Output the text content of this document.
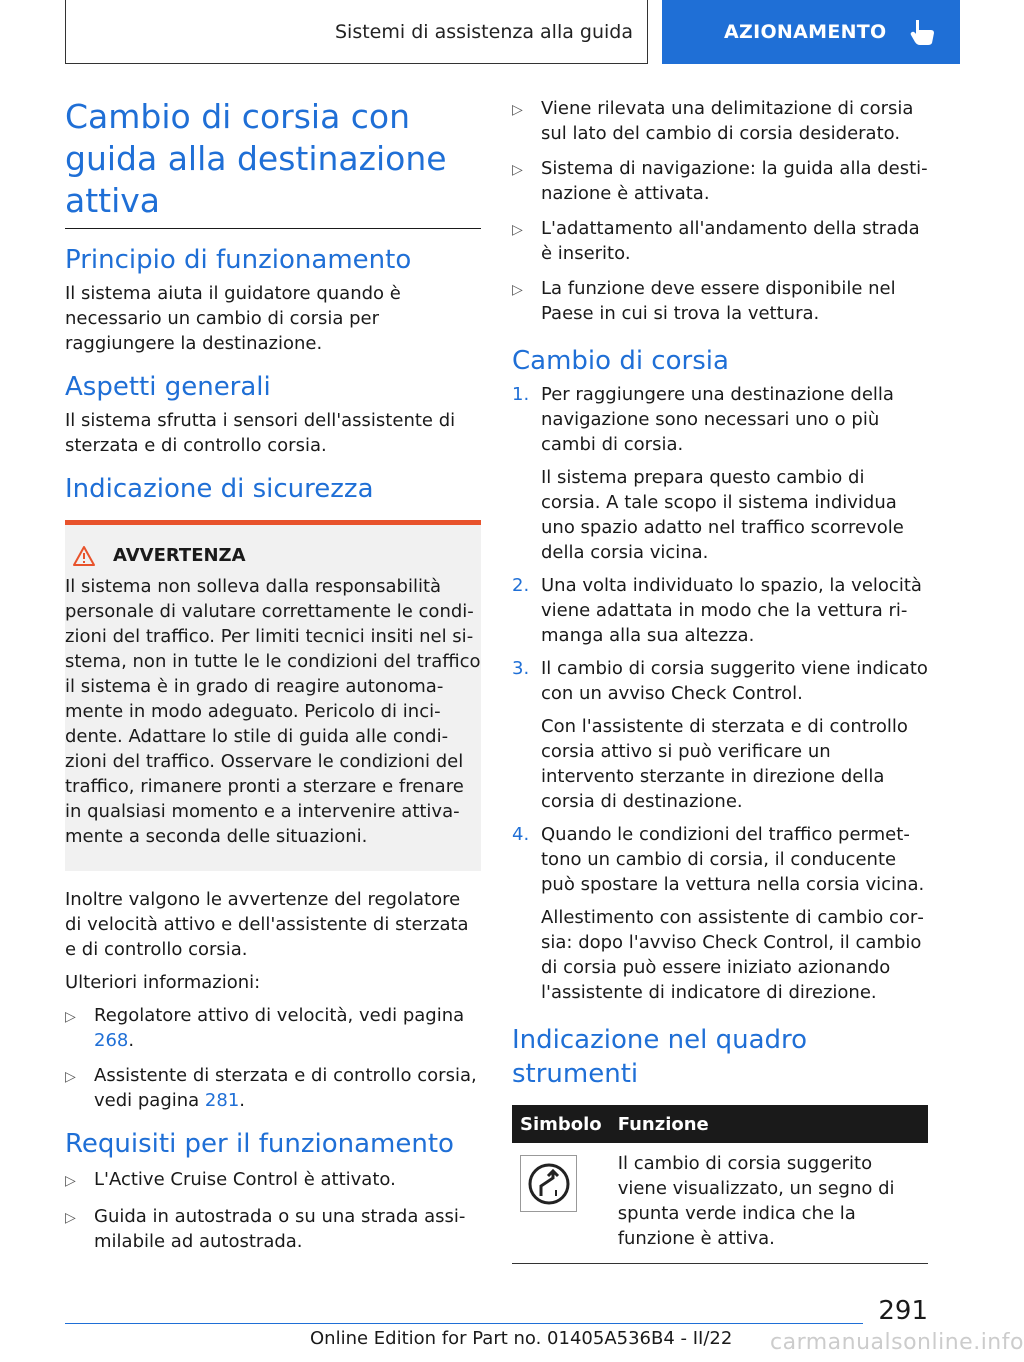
Sistemi di assistenza alla guida	AZIONAMENTO
Cambio di corsia con guida alla destinazione attiva
Principio di funzionamento

Il sistema aiuta il guidatore quando è necessario un cambio di corsia per raggiungere la destinazione.

Aspetti generali

Il sistema sfrutta i sensori dell'assistente di sterzata e di controllo corsia.

Indicazione di sicurezza
AVVERTENZA

Il sistema non solleva dalla responsabilità personale di valutare correttamente le condizioni del traffico. Per limiti tecnici insiti nel sistema, non in tutte le le condizioni del traffico il sistema è in grado di reagire autonomamente in modo adeguato. Pericolo di incidente. Adattare lo stile di guida alle condizioni del traffico. Osservare le condizioni del traffico, rimanere pronti a sterzare e frenare in qualsiasi momento e a intervenire attivamente a seconda delle situazioni.

Inoltre valgono le avvertenze del regolatore di velocità attivo e dell'assistente di sterzata e di controllo corsia.

Ulteriori informazioni:

▷	Regolatore attivo di velocità, vedi pagina 268.
▷	Assistente di sterzata e di controllo corsia, vedi pagina 281.
Requisiti per il funzionamento
▷	L'Active Cruise Control è attivato.
▷	Guida in autostrada o su una strada assimilabile ad autostrada.
▷	Viene rilevata una delimitazione di corsia sul lato del cambio di corsia desiderato.
▷	Sistema di navigazione: la guida alla destinazione è attivata.
▷	L'adattamento all'andamento della strada è inserito.
▷	La funzione deve essere disponibile nel Paese in cui si trova la vettura.
Cambio di corsia
1. Per raggiungere una destinazione della navigazione sono necessari uno o più cambi di corsia.

Il sistema prepara questo cambio di corsia. A tale scopo il sistema individua uno spazio adatto nel traffico scorrevole della corsia vicina.

2. Una volta individuato lo spazio, la velocità viene adattata in modo che la vettura rimanga alla sua altezza.
3. Il cambio di corsia suggerito viene indicato con un avviso Check Control.

Con l'assistente di sterzata e di controllo corsia attivo si può verificare un intervento sterzante in direzione della corsia di destinazione.

4. Quando le condizioni del traffico permettono un cambio di corsia, il conducente può spostare la vettura nella corsia vicina.

Allestimento con assistente di cambio corsia: dopo l'avviso Check Control, il cambio di corsia può essere iniziato azionando l'assistente di indicatore di direzione.

Indicazione nel quadro strumenti
Simbolo	Funzione

	Il cambio di corsia suggerito viene visualizzato, un segno di spunta verde indica che la funzione è attiva.
291
Online Edition for Part no. 01405A536B4 - II/22 carmanualsonline.info
